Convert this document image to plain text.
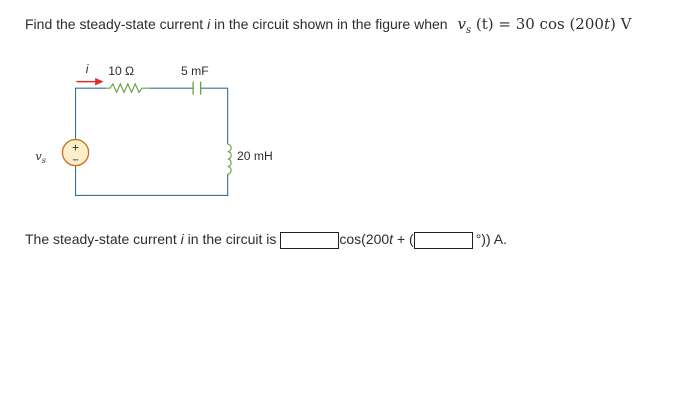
Find the steady-state current i in the circuit shown in the figure when $v_s$ (t) = 30 cos (200t) V
i 10 Ω	5 mF
20 mH
+
−
$v_s$
The steady-state current i in the circuit is	cos(200t + (	°)) A.
